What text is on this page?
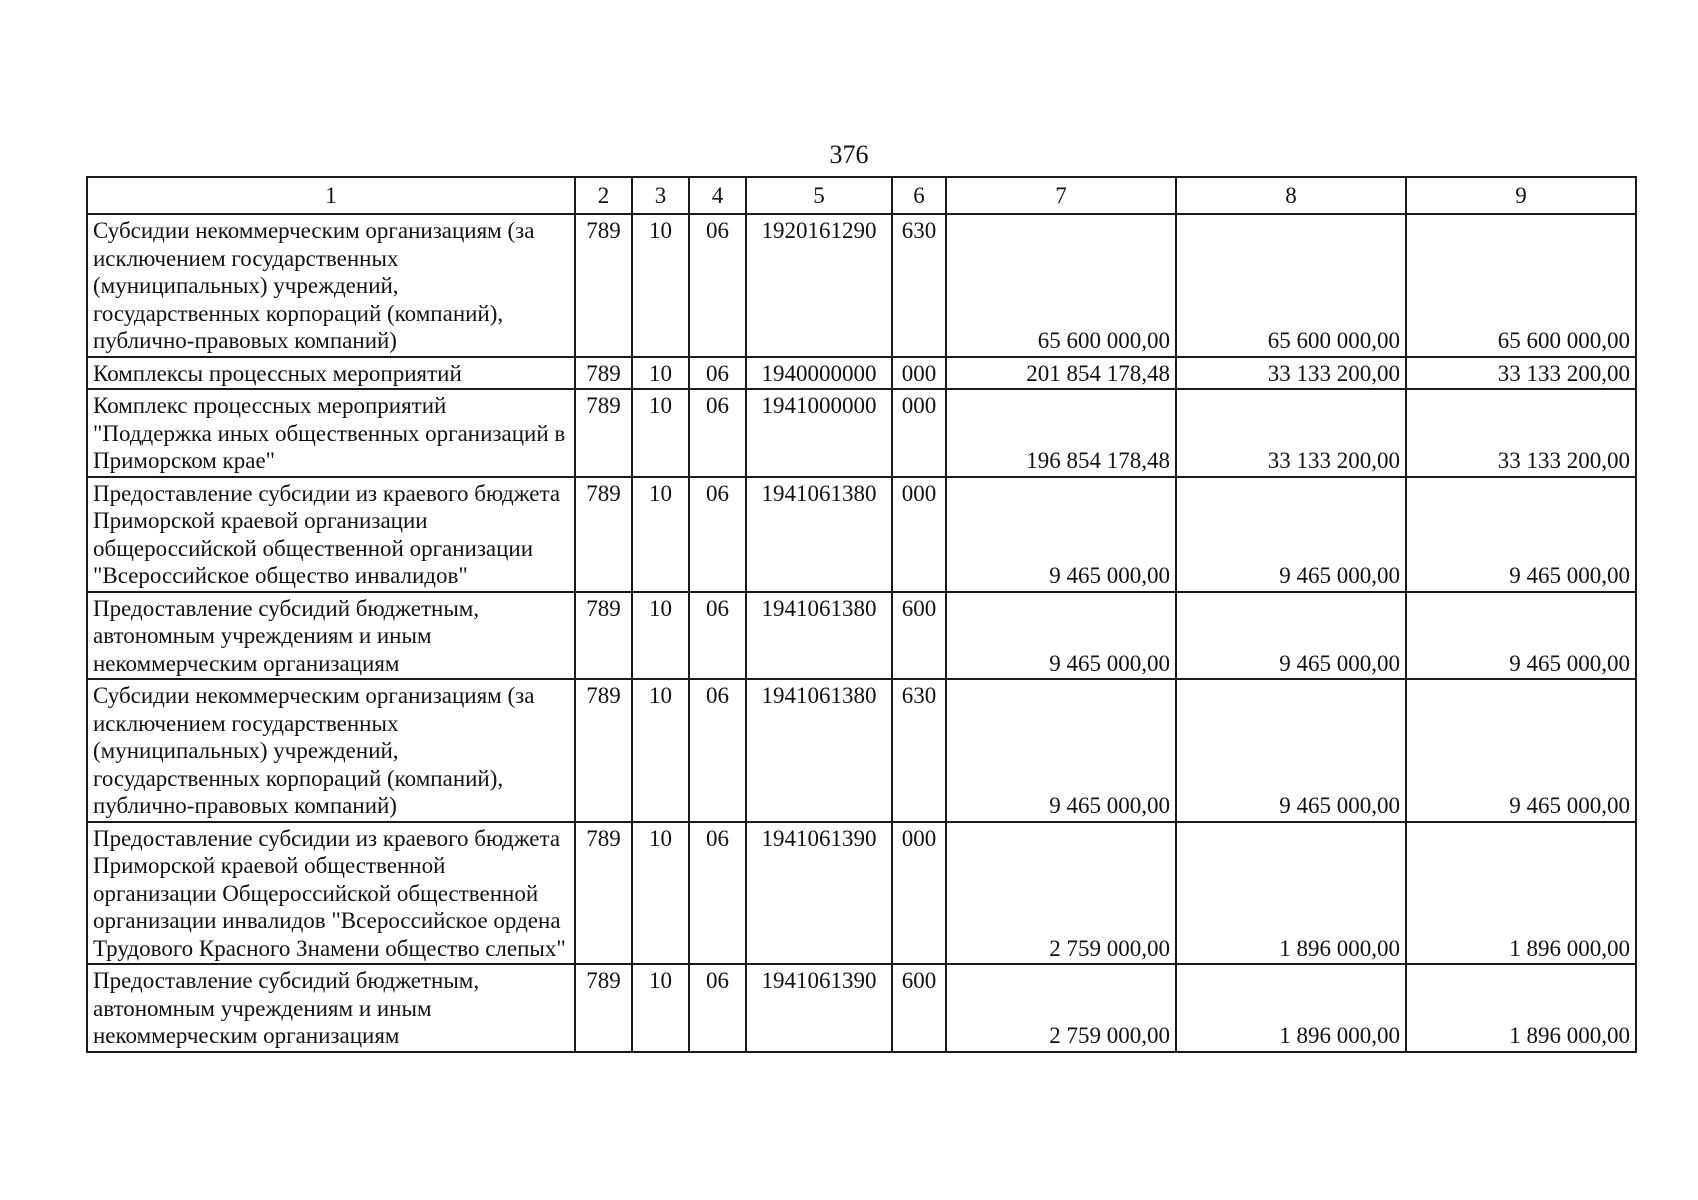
376
1	2	3	4	5	6	7	8	9
Субсидии некоммерческим организациям (за исключением государственных (муниципальных) учреждений, государственных корпораций (компаний), публично-правовых компаний)	789	10	06	1920161290	630	65 600 000,00	65 600 000,00	65 600 000,00
Комплексы процессных мероприятий	789	10	06	1940000000	000	201 854 178,48	33 133 200,00	33 133 200,00
Комплекс процессных мероприятий "Поддержка иных общественных организаций в Приморском крае"	789	10	06	1941000000	000	196 854 178,48	33 133 200,00	33 133 200,00
Предоставление субсидии из краевого бюджета Приморской краевой организации общероссийской общественной организации "Всероссийское общество инвалидов"	789	10	06	1941061380	000	9 465 000,00	9 465 000,00	9 465 000,00
Предоставление субсидий бюджетным, автономным учреждениям и иным некоммерческим организациям	789	10	06	1941061380	600	9 465 000,00	9 465 000,00	9 465 000,00
Субсидии некоммерческим организациям (за исключением государственных (муниципальных) учреждений, государственных корпораций (компаний), публично-правовых компаний)	789	10	06	1941061380	630	9 465 000,00	9 465 000,00	9 465 000,00
Предоставление субсидии из краевого бюджета Приморской краевой общественной организации Общероссийской общественной организации инвалидов "Всероссийское ордена Трудового Красного Знамени общество слепых"	789	10	06	1941061390	000	2 759 000,00	1 896 000,00	1 896 000,00
Предоставление субсидий бюджетным, автономным учреждениям и иным некоммерческим организациям	789	10	06	1941061390	600	2 759 000,00	1 896 000,00	1 896 000,00
